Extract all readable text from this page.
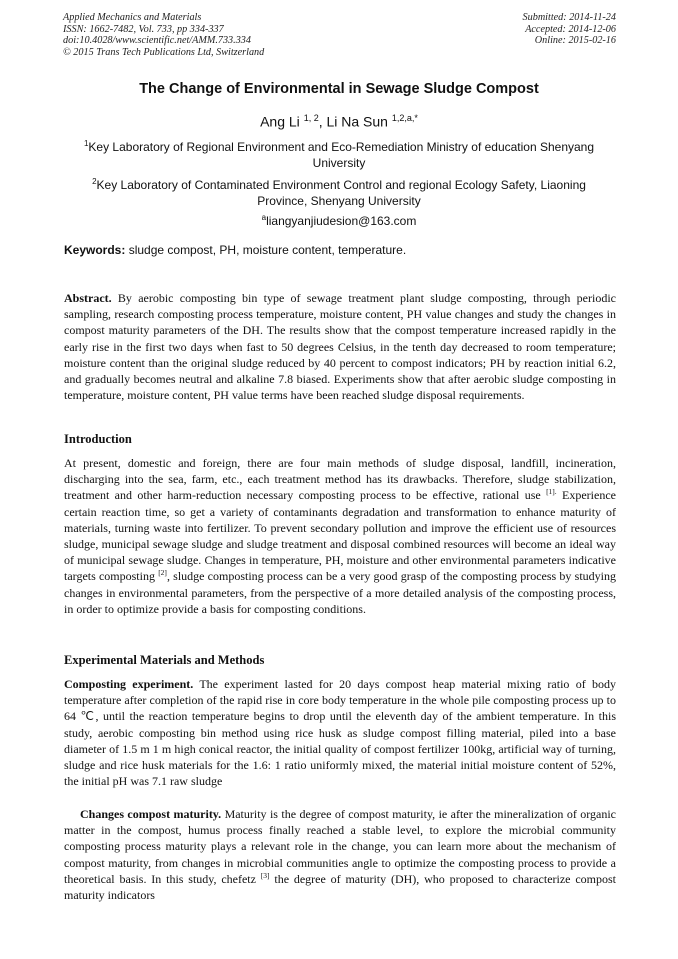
Applied Mechanics and Materials
ISSN: 1662-7482, Vol. 733, pp 334-337
doi:10.4028/www.scientific.net/AMM.733.334
© 2015 Trans Tech Publications Ltd, Switzerland
Submitted: 2014-11-24
Accepted: 2014-12-06
Online: 2015-02-16
The Change of Environmental in Sewage Sludge Compost
Ang Li $^{1, 2}$, Li Na Sun $^{1,2,a,*}$
$^1$Key Laboratory of Regional Environment and Eco-Remediation Ministry of education Shenyang University
$^2$Key Laboratory of Contaminated Environment Control and regional Ecology Safety, Liaoning Province, Shenyang University
$^a$liangyanjiudesion@163.com
Keywords: sludge compost, PH, moisture content, temperature.
Abstract. By aerobic composting bin type of sewage treatment plant sludge composting, through periodic sampling, research composting process temperature, moisture content, PH value changes and study the changes in compost maturity parameters of the DH. The results show that the compost temperature increased rapidly in the early rise in the first two days when fast to 50 degrees Celsius, in the tenth day decreased to room temperature; moisture content than the original sludge reduced by 40 percent to compost indicators; PH by reaction initial 6.2, and gradually becomes neutral and alkaline 7.8 biased. Experiments show that after aerobic sludge composting in temperature, moisture content, PH value terms have been reached sludge disposal requirements.
Introduction
At present, domestic and foreign, there are four main methods of sludge disposal, landfill, incineration, discharging into the sea, farm, etc., each treatment method has its drawbacks. Therefore, sludge stabilization, treatment and other harm-reduction necessary composting process to be effective, rational use $^{[1].}$ Experience certain reaction time, so get a variety of contaminants degradation and transformation to enhance maturity of materials, turning waste into fertilizer. To prevent secondary pollution and improve the efficient use of resources sludge, municipal sewage sludge and sludge treatment and disposal combined resources will become an ideal way of municipal sewage sludge. Changes in temperature, PH, moisture and other environmental parameters indicative targets composting [2], sludge composting process can be a very good grasp of the composting process by studying changes in environmental parameters, from the perspective of a more detailed analysis of the composting process, in order to optimize provide a basis for composting conditions.
Experimental Materials and Methods
Composting experiment. The experiment lasted for 20 days compost heap material mixing ratio of body temperature after completion of the rapid rise in core body temperature in the whole pile composting process up to 64 ℃, until the reaction temperature begins to drop until the eleventh day of the ambient temperature. In this study, aerobic composting bin method using rice husk as sludge compost filling material, piled into a base diameter of 1.5 m 1 m high conical reactor, the initial quality of compost fertilizer 100kg, artificial way of turning, sludge and rice husk materials for the 1.6: 1 ratio uniformly mixed, the material initial moisture content of 52%, the initial pH was 7.1 raw sludge
Changes compost maturity. Maturity is the degree of compost maturity, ie after the mineralization of organic matter in the compost, humus process finally reached a stable level, to explore the microbial community composting process maturity plays a relevant role in the change, you can learn more about the mechanism of compost maturity, from changes in microbial communities angle to optimize the composting process to provide a theoretical basis. In this study, chefetz [3] the degree of maturity (DH), who proposed to characterize compost maturity indicators
